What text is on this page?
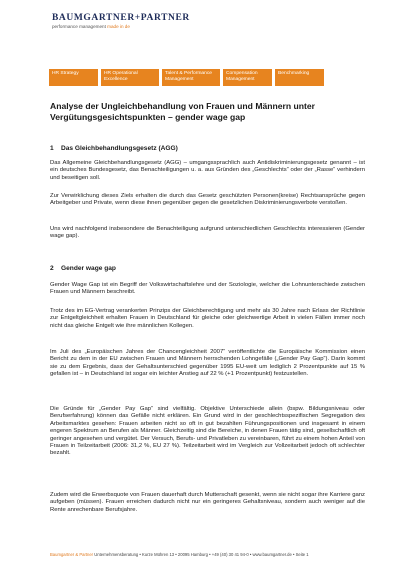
BAUMGARTNER+PARTNER
performance management made in de
HR Strategy	HR Operational Excellence
Talent & Performance Management
Compensation Management
Benchmarking
Analyse der Ungleichbehandlung von Frauen und Männern unter Vergütungsgesichtspunkten – gender wage gap
1 Das Gleichbehandlungsgesetz (AGG)
Das Allgemeine Gleichbehandlungsgesetz (AGG) – umgangssprachlich auch Antidiskriminierungsgesetz genannt – ist ein deutsches Bundesgesetz, das Benachteiligungen u. a. aus Gründen des „Geschlechts“ oder der „Rasse“ verhindern und beseitigen soll.
Zur Verwirklichung dieses Ziels erhalten die durch das Gesetz geschützten Personen(kreise) Rechtsansprüche gegen Arbeitgeber und Private, wenn diese ihnen gegenüber gegen die gesetzlichen Diskriminierungsverbote verstoßen.
Uns wird nachfolgend insbesondere die Benachteiligung aufgrund unterschiedlichen Geschlechts interessieren (Gender wage gap).
2 Gender wage gap
Gender Wage Gap ist ein Begriff der Volkswirtschaftslehre und der Soziologie, welcher die Lohnunterschiede zwischen Frauen und Männern beschreibt.
Trotz des im EG-Vertrag verankerten Prinzips der Gleichberechtigung und mehr als 30 Jahre nach Erlass der Richtlinie zur Entgeltgleichheit erhalten Frauen in Deutschland für gleiche oder gleichwertige Arbeit in vielen Fällen immer noch nicht das gleiche Entgelt wie ihre männlichen Kollegen.
Im Juli des „Europäischen Jahres der Chancengleichheit 2007“ veröffentlichte die Europäische Kommission einen Bericht zu dem in der EU zwischen Frauen und Männern herrschenden Lohngefälle („Gender Pay Gap“). Darin kommt sie zu dem Ergebnis, dass der Gehaltsunterschied gegenüber 1995 EU-weit um lediglich 2 Prozentpunkte auf 15 % gefallen ist – in Deutschland ist sogar ein leichter Anstieg auf 22 % (+1 Prozentpunkt) festzustellen.
Die Gründe für „Gender Pay Gap“ sind vielfältig. Objektive Unterschiede allein (bspw. Bildungsniveau oder Berufserfahrung) können das Gefälle nicht erklären. Ein Grund wird in der geschlechtsspezifischen Segregation des Arbeitsmarktes gesehen: Frauen arbeiten nicht so oft in gut bezahlten Führungspositionen und insgesamt in einem engeren Spektrum an Berufen als Männer. Gleichzeitig sind die Bereiche, in denen Frauen tätig sind, gesellschaftlich oft geringer angesehen und vergütet. Der Versuch, Berufs- und Privatleben zu vereinbaren, führt zu einem hohen Anteil von Frauen in Teilzeitarbeit (2006: 31,2 %, EU 27 %). Teilzeitarbeit wird im Vergleich zur Vollzeitarbeit jedoch oft schlechter bezahlt.
Zudem wird die Erwerbsquote von Frauen dauerhaft durch Mutterschaft gesenkt, wenn sie nicht sogar ihre Karriere ganz aufgeben (müssen). Frauen erreichen dadurch nicht nur ein geringeres Gehaltsniveau, sondern auch weniger auf die Rente anrechenbare Berufsjahre.
Baumgartner & Partner Unternehmensberatung • Kurze Mühren 13 • 20095 Hamburg • +49 (40) 30 41 94-0 • www.baumgartner.de • Seite 1
